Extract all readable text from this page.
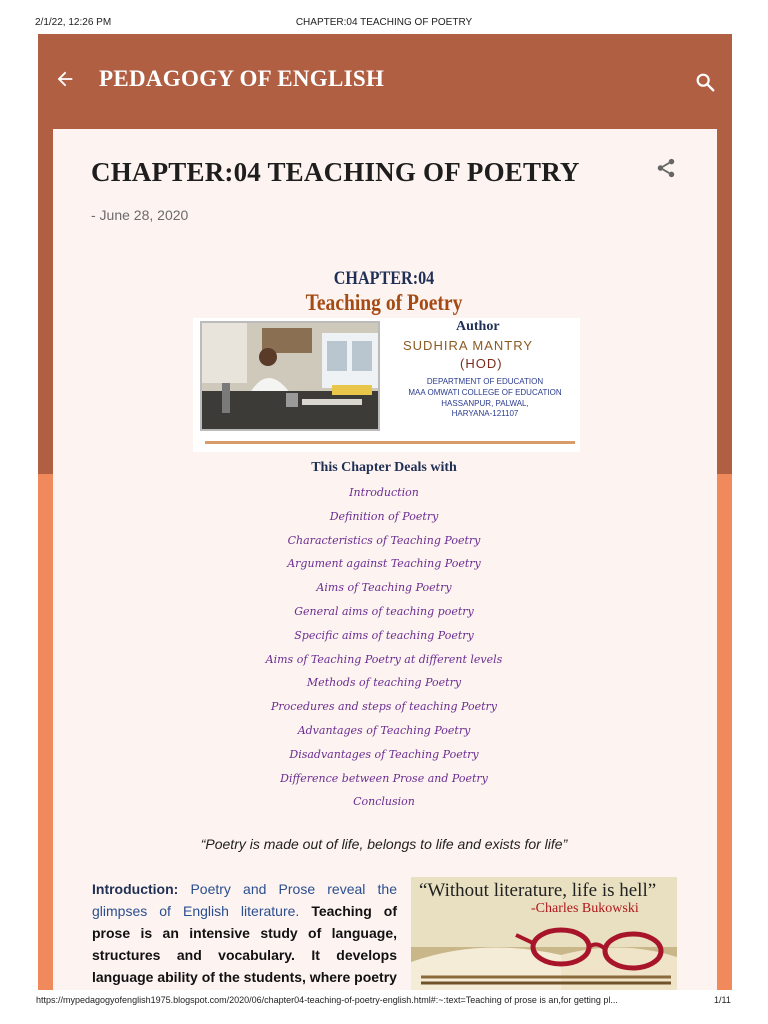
2/1/22, 12:26 PM	CHAPTER:04 TEACHING OF POETRY
PEDAGOGY OF ENGLISH
CHAPTER:04 TEACHING OF POETRY
- June 28, 2020
CHAPTER:04
Teaching of Poetry
Author
SUDHIRA MANTRY
(HOD)
DEPARTMENT OF EDUCATION
MAA OMWATI COLLEGE OF EDUCATION
HASSANPUR, PALWAL,
HARYANA-121107
This Chapter Deals with
Introduction
Definition of Poetry
Characteristics of Teaching Poetry
Argument against Teaching Poetry
Aims of Teaching Poetry
General aims of teaching poetry
Specific aims of teaching Poetry
Aims of Teaching Poetry at different levels
Methods of teaching Poetry
Procedures and steps of teaching Poetry
Advantages of Teaching Poetry
Disadvantages of Teaching Poetry
Difference between Prose and Poetry
Conclusion
“Poetry is made out of life, belongs to life and exists for life”

Introduction: Poetry and Prose reveal the glimpses of English literature. Teaching of prose is an intensive study of language, structures and vocabulary. It develops language ability of the students, where poetry

“Without literature, life is hell”
-Charles Bukowski
https://mypedagogyofenglish1975.blogspot.com/2020/06/chapter04-teaching-of-poetry-english.html#:~:text=Teaching of prose is an,for getting pl...	1/11
